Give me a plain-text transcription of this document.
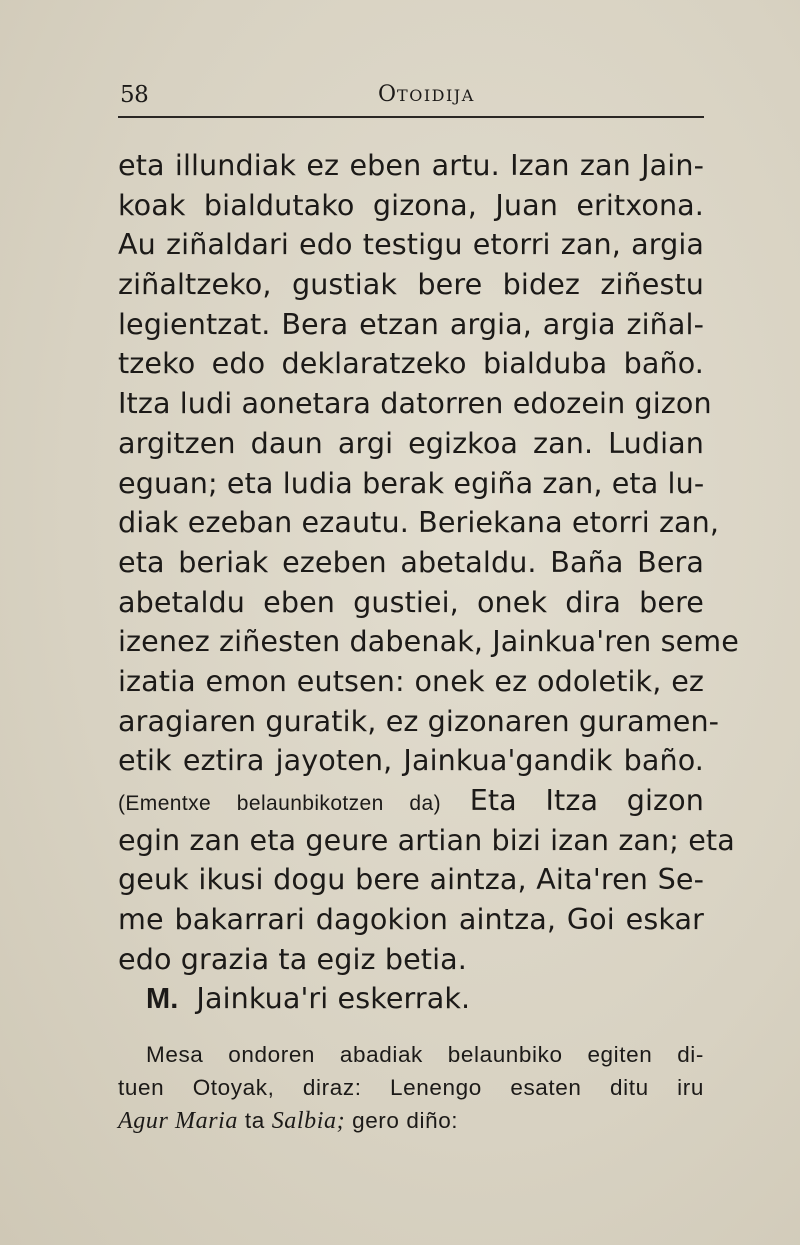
58	OTOIDIJA
eta illundiak ez eben artu. Izan zan Jain-
koak bialdutako gizona, Juan eritxona.
Au ziñaldari edo testigu etorri zan, argia
ziñaltzeko, gustiak bere bidez ziñestu
legientzat. Bera etzan argia, argia ziñal-
tzeko edo deklaratzeko bialduba baño.
Itza ludi aonetara datorren edozein gizon
argitzen daun argi egizkoa zan. Ludian
eguan; eta ludia berak egiña zan, eta lu-
diak ezeban ezautu. Beriekana etorri zan,
eta beriak ezeben abetaldu. Baña Bera
abetaldu eben gustiei, onek dira bere
izenez ziñesten dabenak, Jainkua'ren seme
izatia emon eutsen: onek ez odoletik, ez
aragiaren guratik, ez gizonaren guramen-
etik eztira jayoten, Jainkua'gandik baño.
(Ementxe belaunbikotzen da) Eta Itza gizon
egin zan eta geure artian bizi izan zan; eta
geuk ikusi dogu bere aintza, Aita'ren Se-
me bakarrari dagokion aintza, Goi eskar
edo grazia ta egiz betia.
M. Jainkua'ri eskerrak.
Mesa ondoren abadiak belaunbiko egiten di-
tuen Otoyak, diraz: Lenengo esaten ditu iru
Agur Maria ta Salbia; gero diño:
